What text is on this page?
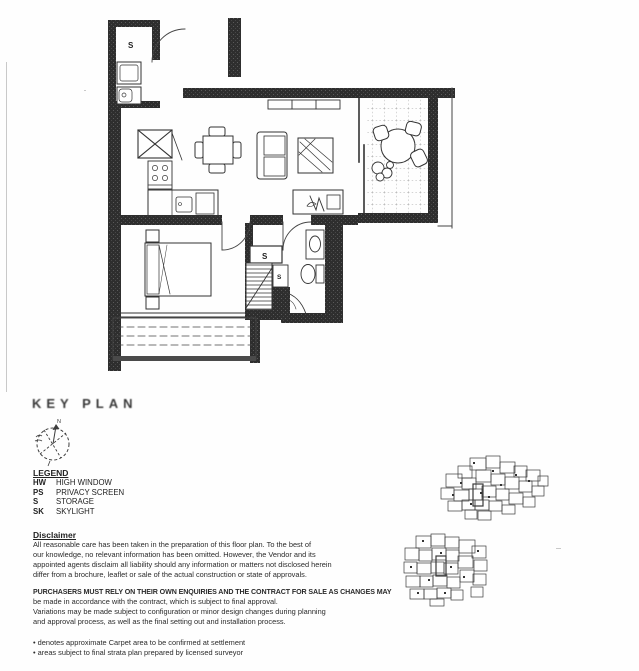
S
S
S
N
KEY PLAN
LEGEND
HW HIGH WINDOW
PS PRIVACY SCREEN
S STORAGE
SK SKYLIGHT
Disclaimer
All reasonable care has been taken in the preparation of this floor plan. To the best of
our knowledge, no relevant information has been omitted. However, the Vendor and its
appointed agents disclaim all liability should any information or matters not disclosed herein
differ from a brochure, leaflet or sale of the actual construction or state of approvals.
PURCHASERS MUST RELY ON THEIR OWN ENQUIRIES AND THE CONTRACT FOR SALE AS CHANGES MAY
be made in accordance with the contract, which is subject to final approval.
Variations may be made subject to configuration or minor design changes during planning
and approval process, as well as the final setting out and installation process.
• denotes approximate Carpet area to be confirmed at settlement
• areas subject to final strata plan prepared by licensed surveyor
